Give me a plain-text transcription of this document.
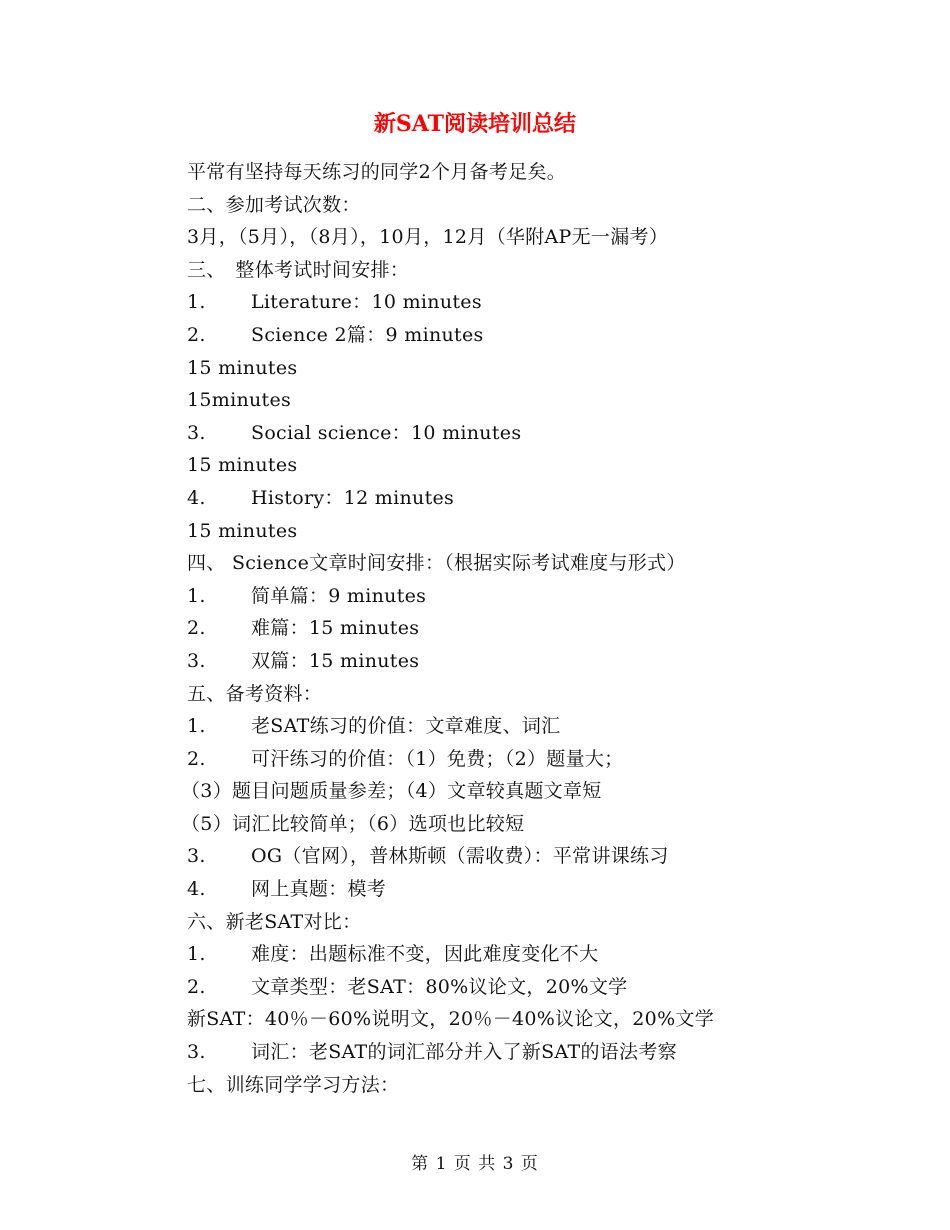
新SAT阅读培训总结
平常有坚持每天练习的同学2个月备考足矣。
二、参加考试次数：
3月，（5月），（8月），10月，12月（华附AP无一漏考）
三、　整体考试时间安排：
1. Literature：10 minutes
2. Science 2篇：9 minutes
15 minutes
15minutes
3. Social science：10 minutes
15 minutes
4. History：12 minutes
15 minutes
四、 Science文章时间安排：（根据实际考试难度与形式）
1. 简单篇：9 minutes
2. 难篇：15 minutes
3. 双篇：15 minutes
五、备考资料：
1. 老SAT练习的价值：文章难度、词汇
2. 可汗练习的价值：（1）免费；（2）题量大；
（3）题目问题质量参差；（4）文章较真题文章短
（5）词汇比较简单；（6）选项也比较短
3. OG（官网），普林斯顿（需收费）：平常讲课练习
4. 网上真题：模考
六、新老SAT对比：
1. 难度：出题标准不变，因此难度变化不大
2. 文章类型：老SAT：80%议论文，20%文学
新SAT：40％－60%说明文，20％－40%议论文，20%文学
3. 词汇：老SAT的词汇部分并入了新SAT的语法考察
七、训练同学学习方法：
第 1 页 共 3 页
